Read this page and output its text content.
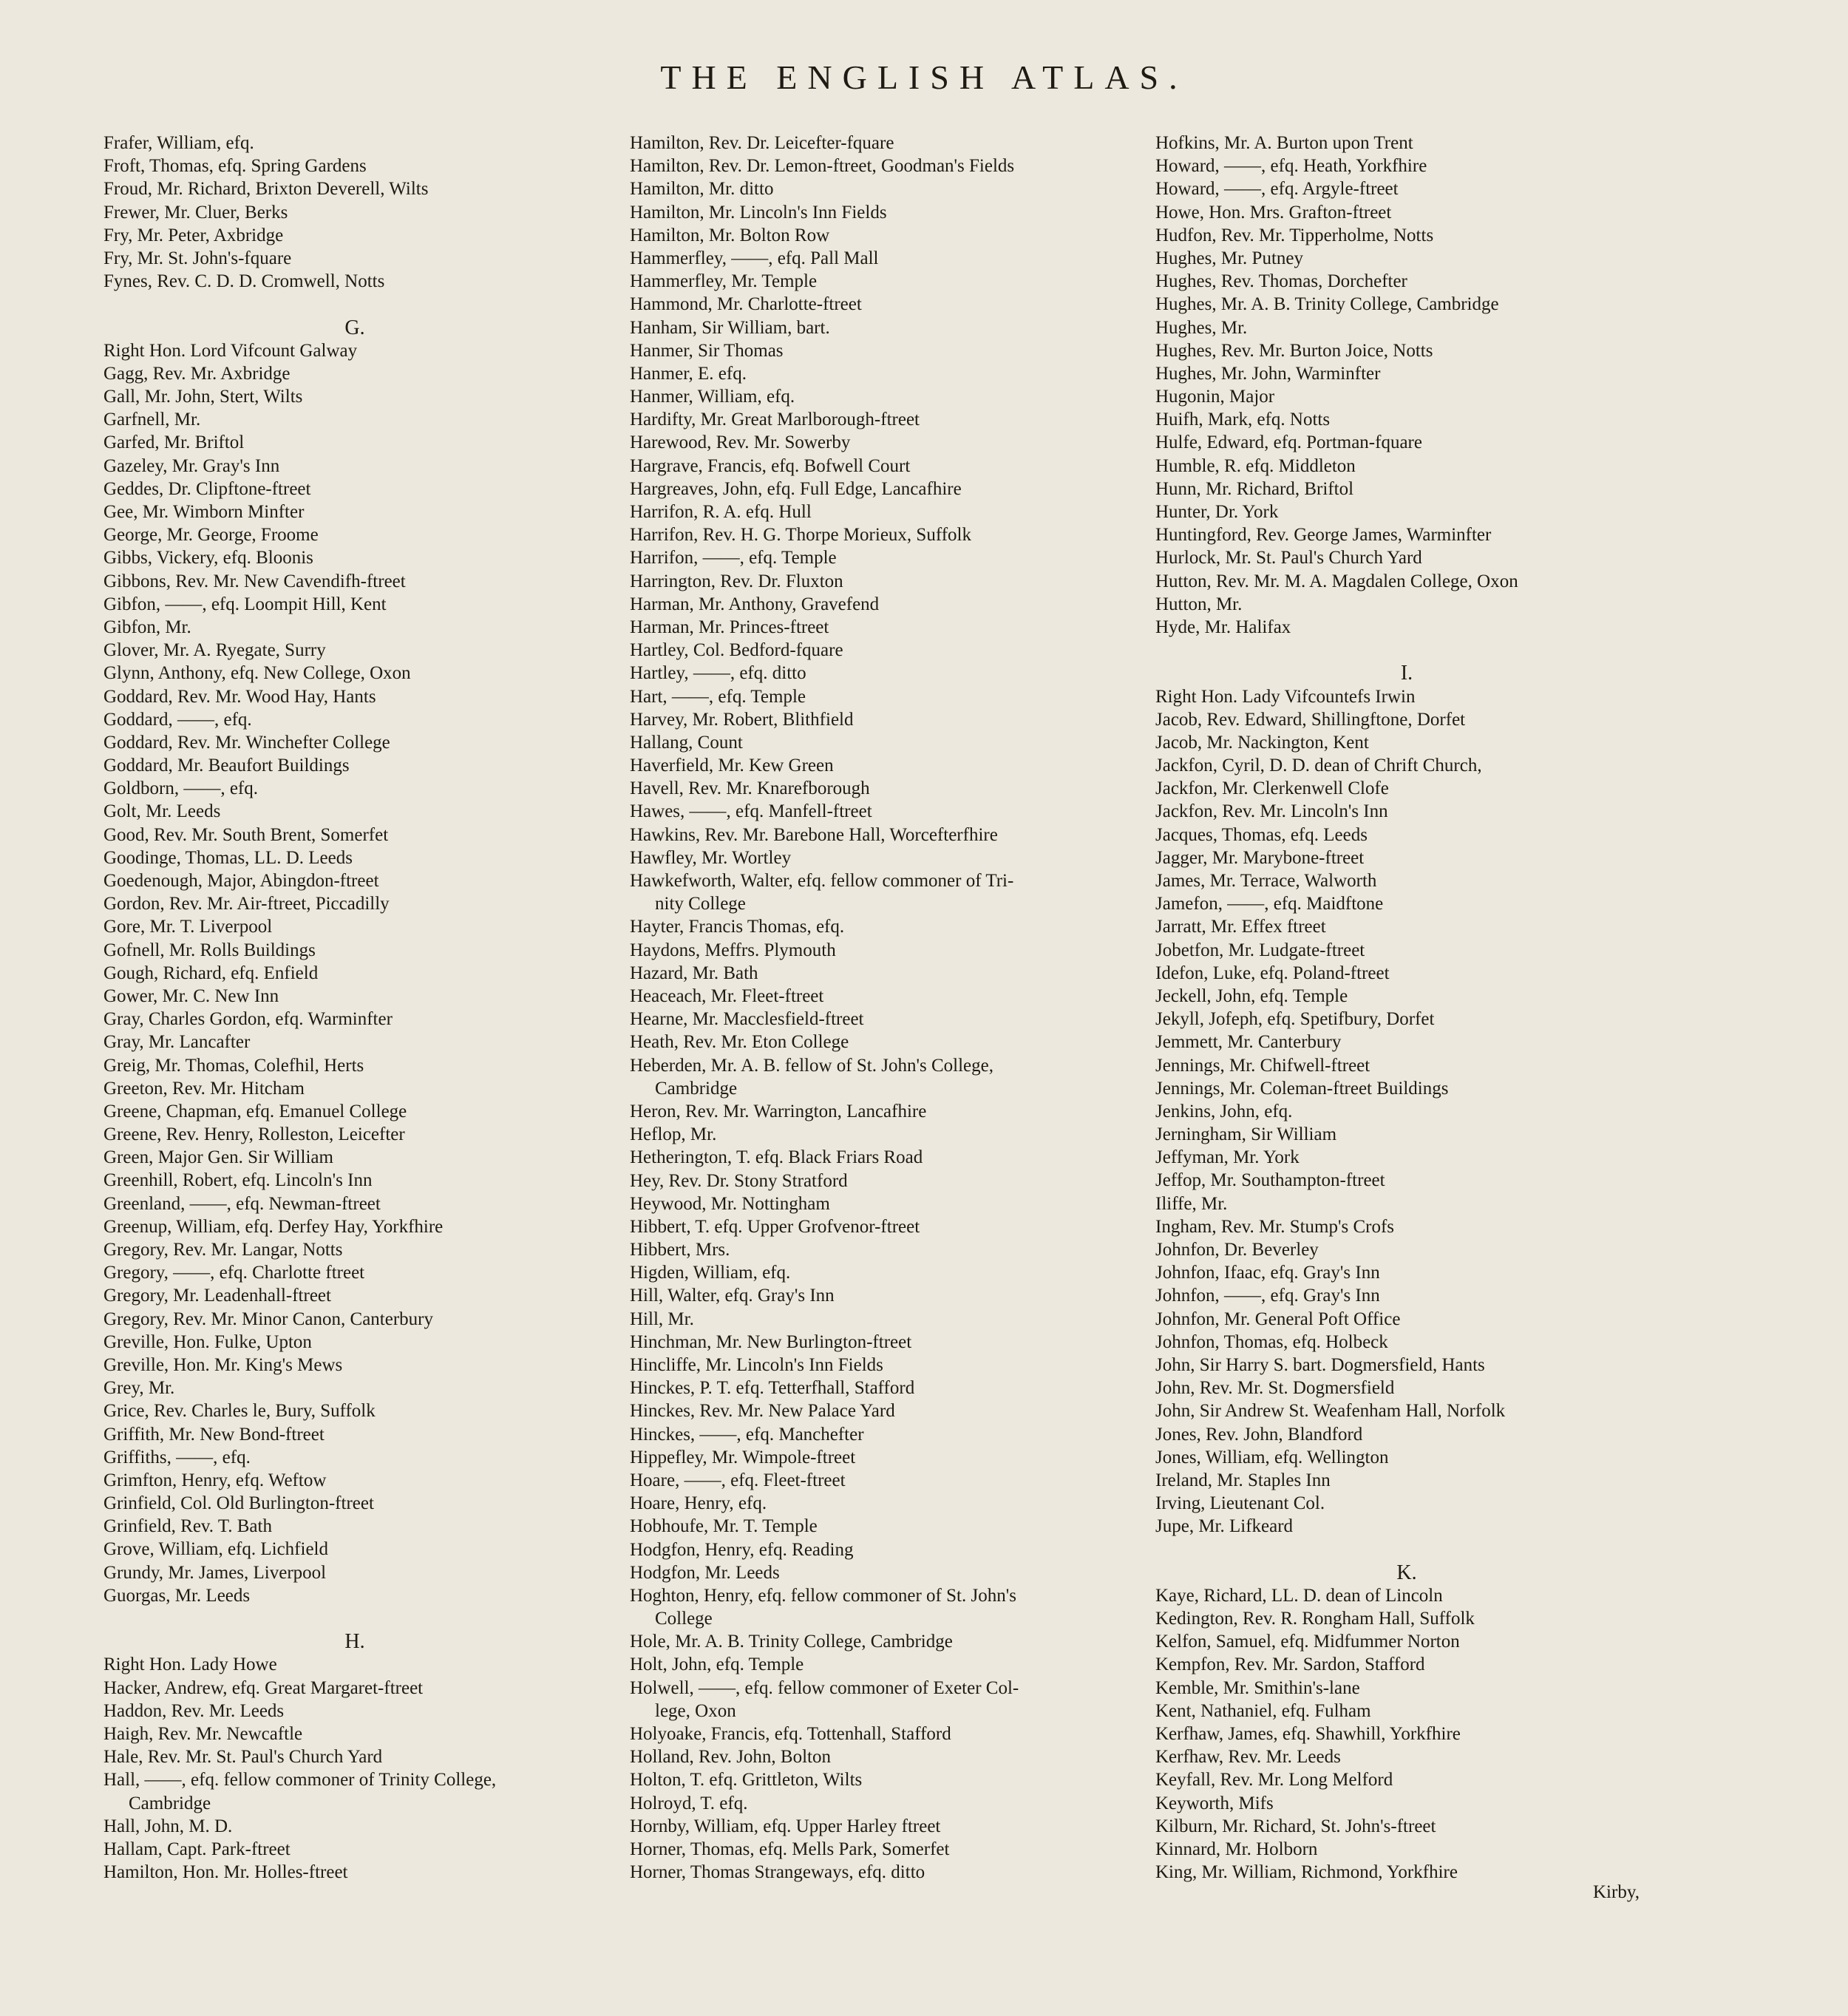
THE ENGLISH ATLAS.
Frafer, William, efq.
Froft, Thomas, efq. Spring Gardens
Froud, Mr. Richard, Brixton Deverell, Wilts
Frewer, Mr. Cluer, Berks
Fry, Mr. Peter, Axbridge
Fry, Mr. St. John's-fquare
Fynes, Rev. C. D. D. Cromwell, Notts
G.
Right Hon. Lord Vifcount Galway
Gagg, Rev. Mr. Axbridge
Gall, Mr. John, Stert, Wilts
Garfnell, Mr.
Garfed, Mr. Briftol
Gazeley, Mr. Gray's Inn
Geddes, Dr. Clipftone-ftreet
Gee, Mr. Wimborn Minfter
George, Mr. George, Froome
Gibbs, Vickery, efq. Bloonis
Gibbons, Rev. Mr. New Cavendifh-ftreet
Gibfon, ——, efq. Loompit Hill, Kent
Gibfon, Mr.
Glover, Mr. A. Ryegate, Surry
Glynn, Anthony, efq. New College, Oxon
Goddard, Rev. Mr. Wood Hay, Hants
Goddard, ——, efq.
Goddard, Rev. Mr. Winchefter College
Goddard, Mr. Beaufort Buildings
Goldborn, ——, efq.
Golt, Mr. Leeds
Good, Rev. Mr. South Brent, Somerfet
Goodinge, Thomas, LL. D. Leeds
Goedenough, Major, Abingdon-ftreet
Gordon, Rev. Mr. Air-ftreet, Piccadilly
Gore, Mr. T. Liverpool
Gofnell, Mr. Rolls Buildings
Gough, Richard, efq. Enfield
Gower, Mr. C. New Inn
Gray, Charles Gordon, efq. Warminfter
Gray, Mr. Lancafter
Greig, Mr. Thomas, Colefhil, Herts
Greeton, Rev. Mr. Hitcham
Greene, Chapman, efq. Emanuel College
Greene, Rev. Henry, Rolleston, Leicefter
Green, Major Gen. Sir William
Greenhill, Robert, efq. Lincoln's Inn
Greenland, ——, efq. Newman-ftreet
Greenup, William, efq. Derfey Hay, Yorkfhire
Gregory, Rev. Mr. Langar, Notts
Gregory, ——, efq. Charlotte ftreet
Gregory, Mr. Leadenhall-ftreet
Gregory, Rev. Mr. Minor Canon, Canterbury
Greville, Hon. Fulke, Upton
Greville, Hon. Mr. King's Mews
Grey, Mr.
Grice, Rev. Charles le, Bury, Suffolk
Griffith, Mr. New Bond-ftreet
Griffiths, ——, efq.
Grimfton, Henry, efq. Weftow
Grinfield, Col. Old Burlington-ftreet
Grinfield, Rev. T. Bath
Grove, William, efq. Lichfield
Grundy, Mr. James, Liverpool
Guorgas, Mr. Leeds
H.
Right Hon. Lady Howe
Hacker, Andrew, efq. Great Margaret-ftreet
Haddon, Rev. Mr. Leeds
Haigh, Rev. Mr. Newcaftle
Hale, Rev. Mr. St. Paul's Church Yard
Hall, ——, efq. fellow commoner of Trinity College,
Cambridge
Hall, John, M. D.
Hallam, Capt. Park-ftreet
Hamilton, Hon. Mr. Holles-ftreet
Hamilton, Rev. Dr. Leicefter-fquare
Hamilton, Rev. Dr. Lemon-ftreet, Goodman's Fields
Hamilton, Mr. ditto
Hamilton, Mr. Lincoln's Inn Fields
Hamilton, Mr. Bolton Row
Hammerfley, ——, efq. Pall Mall
Hammerfley, Mr. Temple
Hammond, Mr. Charlotte-ftreet
Hanham, Sir William, bart.
Hanmer, Sir Thomas
Hanmer, E. efq.
Hanmer, William, efq.
Hardifty, Mr. Great Marlborough-ftreet
Harewood, Rev. Mr. Sowerby
Hargrave, Francis, efq. Bofwell Court
Hargreaves, John, efq. Full Edge, Lancafhire
Harrifon, R. A. efq. Hull
Harrifon, Rev. H. G. Thorpe Morieux, Suffolk
Harrifon, ——, efq. Temple
Harrington, Rev. Dr. Fluxton
Harman, Mr. Anthony, Gravefend
Harman, Mr. Princes-ftreet
Hartley, Col. Bedford-fquare
Hartley, ——, efq. ditto
Hart, ——, efq. Temple
Harvey, Mr. Robert, Blithfield
Hallang, Count
Haverfield, Mr. Kew Green
Havell, Rev. Mr. Knarefborough
Hawes, ——, efq. Manfell-ftreet
Hawkins, Rev. Mr. Barebone Hall, Worcefterfhire
Hawfley, Mr. Wortley
Hawkefworth, Walter, efq. fellow commoner of Tri-
nity College
Hayter, Francis Thomas, efq.
Haydons, Meffrs. Plymouth
Hazard, Mr. Bath
Heaceach, Mr. Fleet-ftreet
Hearne, Mr. Macclesfield-ftreet
Heath, Rev. Mr. Eton College
Heberden, Mr. A. B. fellow of St. John's College,
Cambridge
Heron, Rev. Mr. Warrington, Lancafhire
Heflop, Mr.
Hetherington, T. efq. Black Friars Road
Hey, Rev. Dr. Stony Stratford
Heywood, Mr. Nottingham
Hibbert, T. efq. Upper Grofvenor-ftreet
Hibbert, Mrs.
Higden, William, efq.
Hill, Walter, efq. Gray's Inn
Hill, Mr.
Hinchman, Mr. New Burlington-ftreet
Hincliffe, Mr. Lincoln's Inn Fields
Hinckes, P. T. efq. Tetterfhall, Stafford
Hinckes, Rev. Mr. New Palace Yard
Hinckes, ——, efq. Manchefter
Hippefley, Mr. Wimpole-ftreet
Hoare, ——, efq. Fleet-ftreet
Hoare, Henry, efq.
Hobhoufe, Mr. T. Temple
Hodgfon, Henry, efq. Reading
Hodgfon, Mr. Leeds
Hoghton, Henry, efq. fellow commoner of St. John's
College
Hole, Mr. A. B. Trinity College, Cambridge
Holt, John, efq. Temple
Holwell, ——, efq. fellow commoner of Exeter Col-
lege, Oxon
Holyoake, Francis, efq. Tottenhall, Stafford
Holland, Rev. John, Bolton
Holton, T. efq. Grittleton, Wilts
Holroyd, T. efq.
Hornby, William, efq. Upper Harley ftreet
Horner, Thomas, efq. Mells Park, Somerfet
Horner, Thomas Strangeways, efq. ditto
Hofkins, Mr. A. Burton upon Trent
Howard, ——, efq. Heath, Yorkfhire
Howard, ——, efq. Argyle-ftreet
Howe, Hon. Mrs. Grafton-ftreet
Hudfon, Rev. Mr. Tipperholme, Notts
Hughes, Mr. Putney
Hughes, Rev. Thomas, Dorchefter
Hughes, Mr. A. B. Trinity College, Cambridge
Hughes, Mr.
Hughes, Rev. Mr. Burton Joice, Notts
Hughes, Mr. John, Warminfter
Hugonin, Major
Huifh, Mark, efq. Notts
Hulfe, Edward, efq. Portman-fquare
Humble, R. efq. Middleton
Hunn, Mr. Richard, Briftol
Hunter, Dr. York
Huntingford, Rev. George James, Warminfter
Hurlock, Mr. St. Paul's Church Yard
Hutton, Rev. Mr. M. A. Magdalen College, Oxon
Hutton, Mr.
Hyde, Mr. Halifax
I.
Right Hon. Lady Vifcountefs Irwin
Jacob, Rev. Edward, Shillingftone, Dorfet
Jacob, Mr. Nackington, Kent
Jackfon, Cyril, D. D. dean of Chrift Church,
Jackfon, Mr. Clerkenwell Clofe
Jackfon, Rev. Mr. Lincoln's Inn
Jacques, Thomas, efq. Leeds
Jagger, Mr. Marybone-ftreet
James, Mr. Terrace, Walworth
Jamefon, ——, efq. Maidftone
Jarratt, Mr. Effex ftreet
Jobetfon, Mr. Ludgate-ftreet
Idefon, Luke, efq. Poland-ftreet
Jeckell, John, efq. Temple
Jekyll, Jofeph, efq. Spetifbury, Dorfet
Jemmett, Mr. Canterbury
Jennings, Mr. Chifwell-ftreet
Jennings, Mr. Coleman-ftreet Buildings
Jenkins, John, efq.
Jerningham, Sir William
Jeffyman, Mr. York
Jeffop, Mr. Southampton-ftreet
Iliffe, Mr.
Ingham, Rev. Mr. Stump's Crofs
Johnfon, Dr. Beverley
Johnfon, Ifaac, efq. Gray's Inn
Johnfon, ——, efq. Gray's Inn
Johnfon, Mr. General Poft Office
Johnfon, Thomas, efq. Holbeck
John, Sir Harry S. bart. Dogmersfield, Hants
John, Rev. Mr. St. Dogmersfield
John, Sir Andrew St. Weafenham Hall, Norfolk
Jones, Rev. John, Blandford
Jones, William, efq. Wellington
Ireland, Mr. Staples Inn
Irving, Lieutenant Col.
Jupe, Mr. Lifkeard
K.
Kaye, Richard, LL. D. dean of Lincoln
Kedington, Rev. R. Rongham Hall, Suffolk
Kelfon, Samuel, efq. Midfummer Norton
Kempfon, Rev. Mr. Sardon, Stafford
Kemble, Mr. Smithin's-lane
Kent, Nathaniel, efq. Fulham
Kerfhaw, James, efq. Shawhill, Yorkfhire
Kerfhaw, Rev. Mr. Leeds
Keyfall, Rev. Mr. Long Melford
Keyworth, Mifs
Kilburn, Mr. Richard, St. John's-ftreet
Kinnard, Mr. Holborn
King, Mr. William, Richmond, Yorkfhire
Kirby,
